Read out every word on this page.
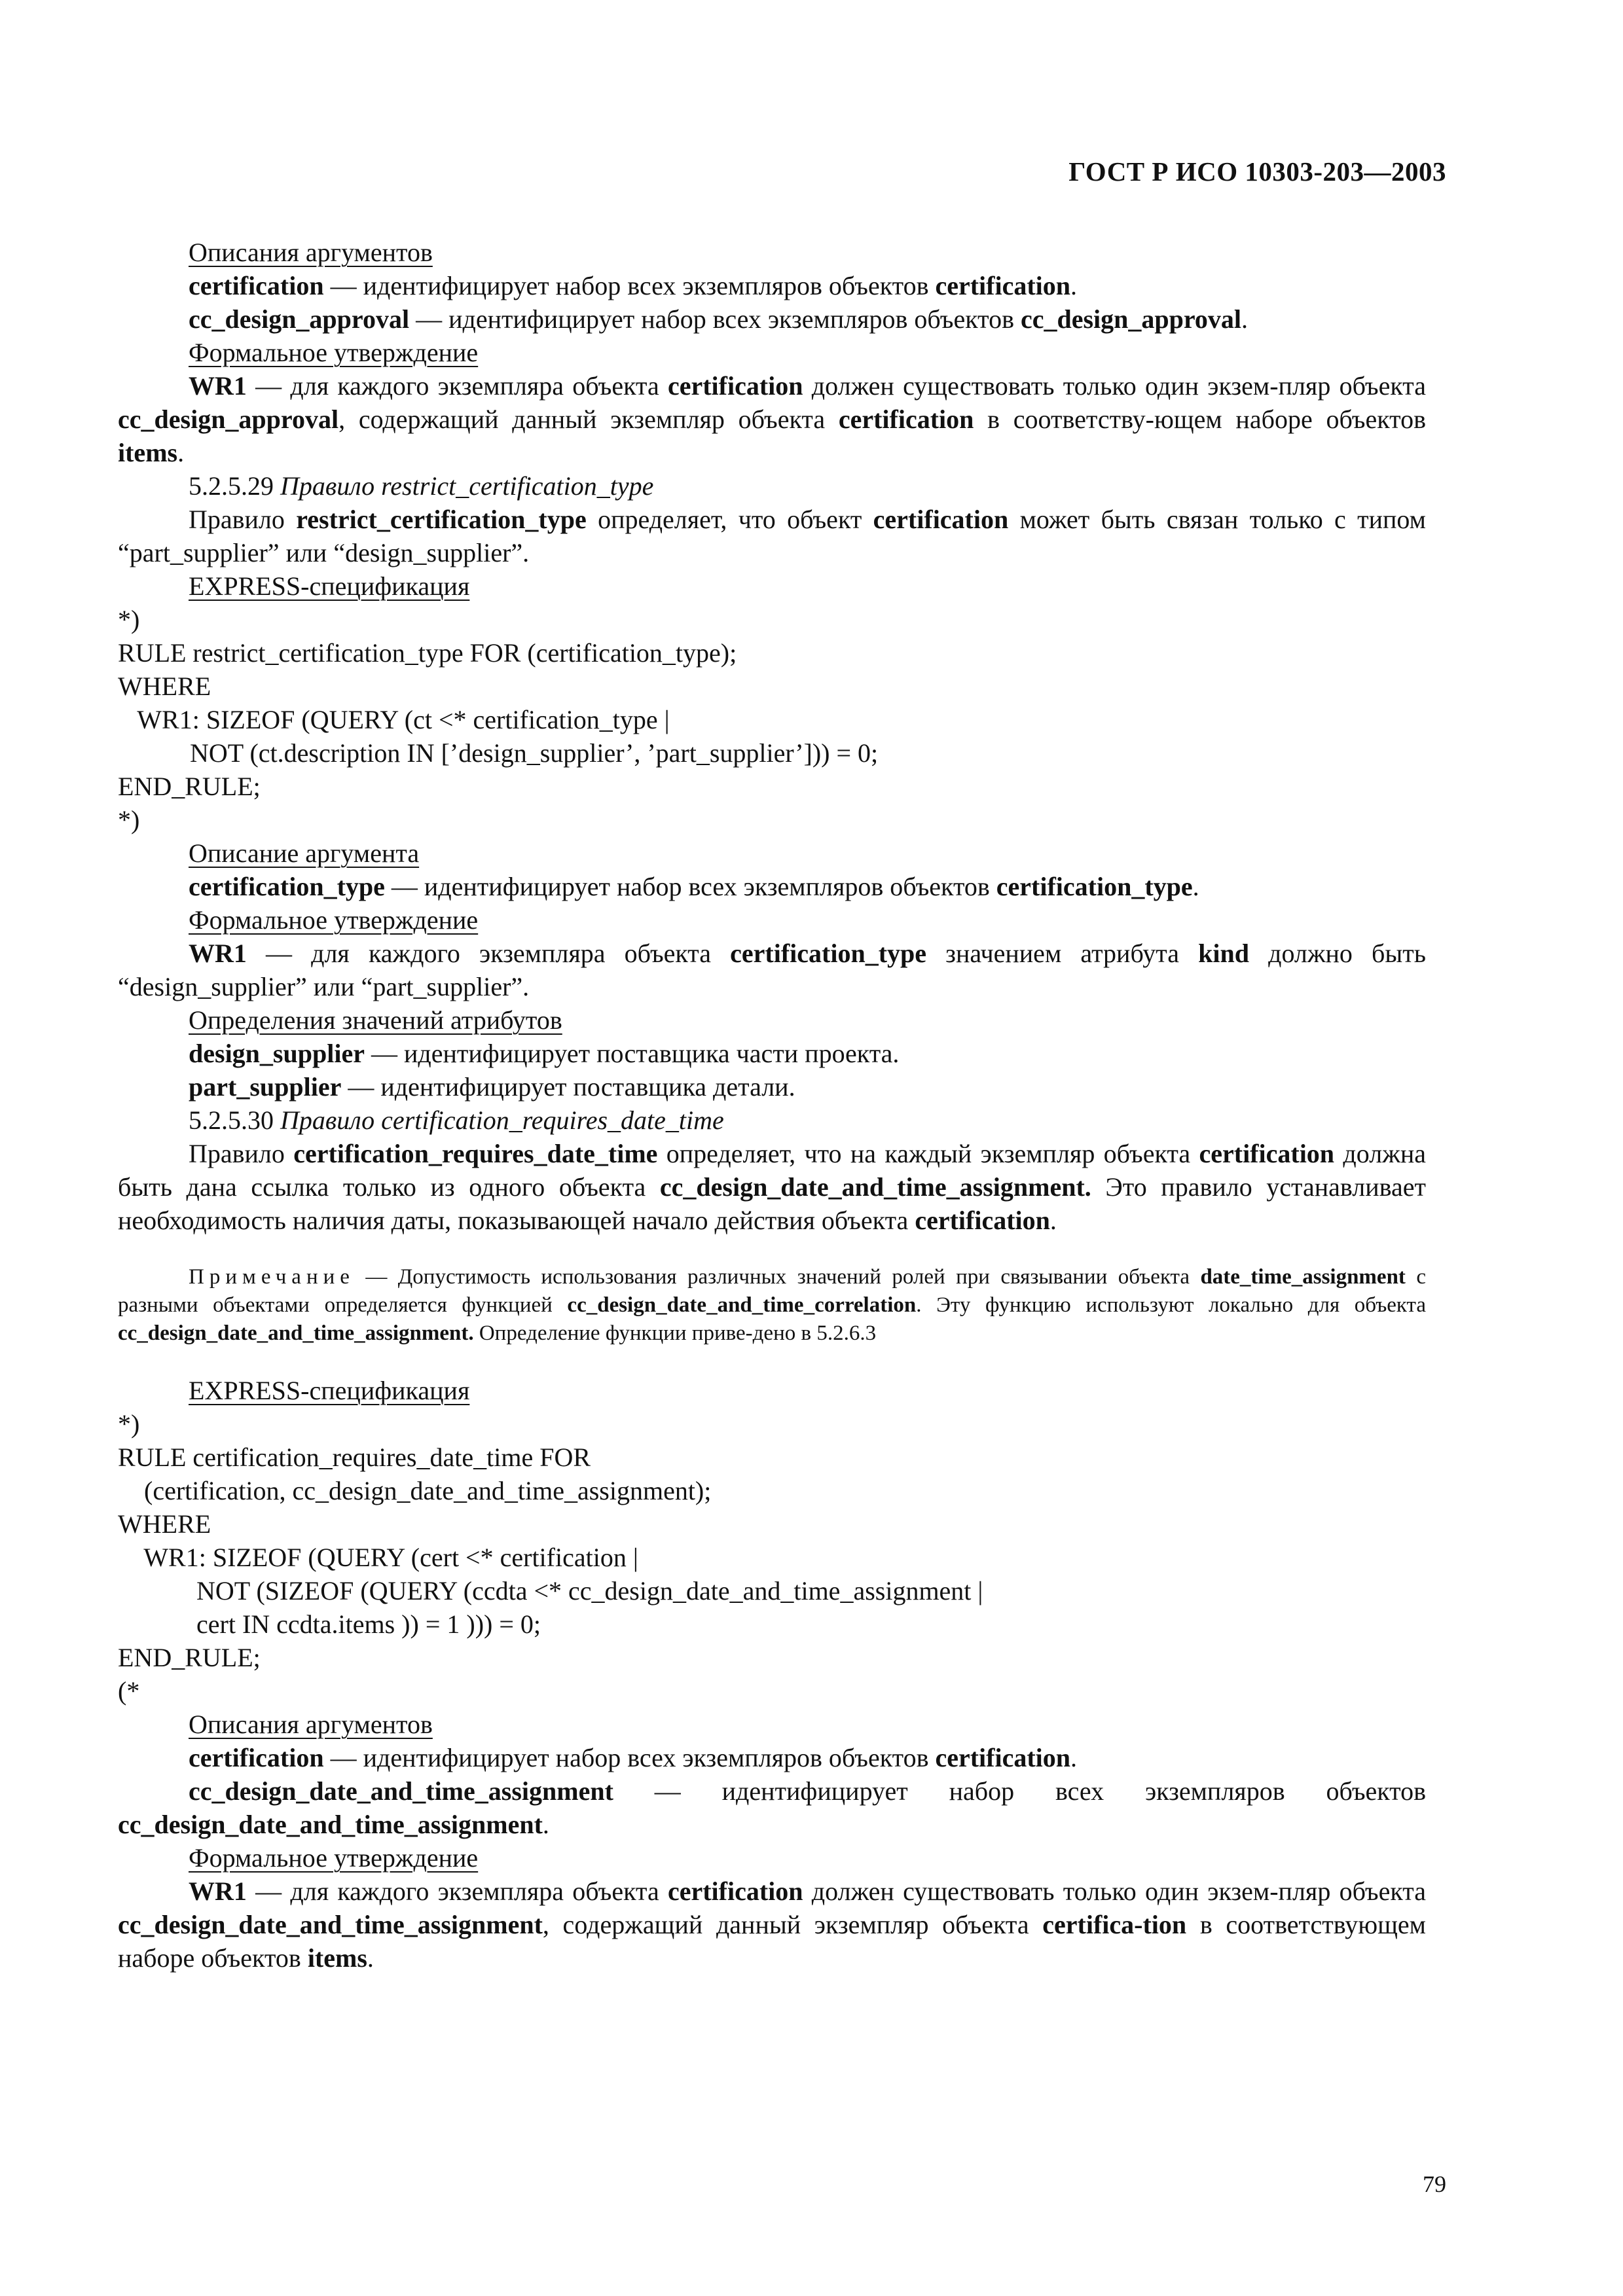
ГОСТ Р ИСО 10303-203—2003

Описания аргументов

certification — идентифицирует набор всех экземпляров объектов certification.

cc_design_approval — идентифицирует набор всех экземпляров объектов cc_design_approval.

Формальное утверждение

WR1 — для каждого экземпляра объекта certification должен существовать только один экзем-пляр объекта cc_design_approval, содержащий данный экземпляр объекта certification в соответству-ющем наборе объектов items.

5.2.5.29 Правило restrict_certification_type

Правило restrict_certification_type определяет, что объект certification может быть связан только с типом “part_supplier” или “design_supplier”.

EXPRESS-спецификация

*)
RULE restrict_certification_type FOR (certification_type);
WHERE
WR1: SIZEOF (QUERY (ct <* certification_type |
NOT (ct.description IN [’design_supplier’, ’part_supplier’])) = 0;
END_RULE;
*)

Описание аргумента

certification_type — идентифицирует набор всех экземпляров объектов certification_type.

Формальное утверждение

WR1 — для каждого экземпляра объекта certification_type значением атрибута kind должно быть “design_supplier” или “part_supplier”.

Определения значений атрибутов

design_supplier — идентифицирует поставщика части проекта.

part_supplier — идентифицирует поставщика детали.

5.2.5.30 Правило certification_requires_date_time

Правило certification_requires_date_time определяет, что на каждый экземпляр объекта certification должна быть дана ссылка только из одного объекта cc_design_date_and_time_assignment. Это правило устанавливает необходимость наличия даты, показывающей начало действия объекта certification.

Примечание — Допустимость использования различных значений ролей при связывании объекта date_time_assignment с разными объектами определяется функцией cc_design_date_and_time_correlation. Эту функцию используют локально для объекта cc_design_date_and_time_assignment. Определение функции приве-дено в 5.2.6.3

EXPRESS-спецификация

*)
RULE certification_requires_date_time FOR
(certification, cc_design_date_and_time_assignment);
WHERE
WR1: SIZEOF (QUERY (cert <* certification |
NOT (SIZEOF (QUERY (ccdta <* cc_design_date_and_time_assignment |
cert IN ccdta.items )) = 1 ))) = 0;
END_RULE;
(*

Описания аргументов

certification — идентифицирует набор всех экземпляров объектов certification.

cc_design_date_and_time_assignment — идентифицирует набор всех экземпляров объектов cc_design_date_and_time_assignment.

Формальное утверждение

WR1 — для каждого экземпляра объекта certification должен существовать только один экзем-пляр объекта cc_design_date_and_time_assignment, содержащий данный экземпляр объекта certifica-tion в соответствующем наборе объектов items.

79
